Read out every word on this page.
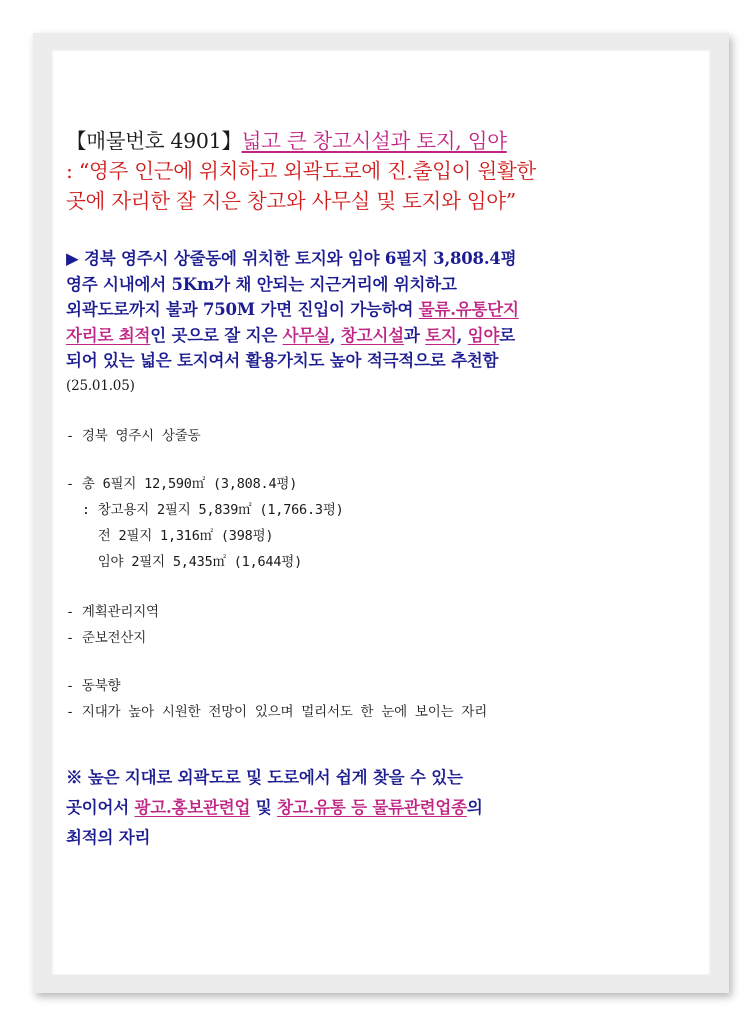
【매물번호 4901】넓고 큰 창고시설과 토지, 임야

: “영주 인근에 위치하고 외곽도로에 진.출입이 원활한

곳에 자리한 잘 지은 창고와 사무실 및 토지와 임야”

▶ 경북 영주시 상줄동에 위치한 토지와 임야 6필지 3,808.4평

영주 시내에서 5Km가 채 안되는 지근거리에 위치하고

외곽도로까지 불과 750M 가면 진입이 가능하여 물류.유통단지

자리로 최적인 곳으로 잘 지은 사무실, 창고시설과 토지, 임야로

되어 있는 넓은 토지여서 활용가치도 높아 적극적으로 추천함

(25.01.05)

- 경북 영주시 상줄동

- 총 6필지 12,590㎡ (3,808.4평)

: 창고용지 2필지 5,839㎡ (1,766.3평)

전 2필지 1,316㎡ (398평)

임야 2필지 5,435㎡ (1,644평)

- 계획관리지역

- 준보전산지

- 동북향

- 지대가 높아 시원한 전망이 있으며 멀리서도 한 눈에 보이는 자리

※ 높은 지대로 외곽도로 및 도로에서 쉽게 찾을 수 있는

곳이어서 광고.홍보관련업 및 창고.유통 등 물류관련업종의

최적의 자리
